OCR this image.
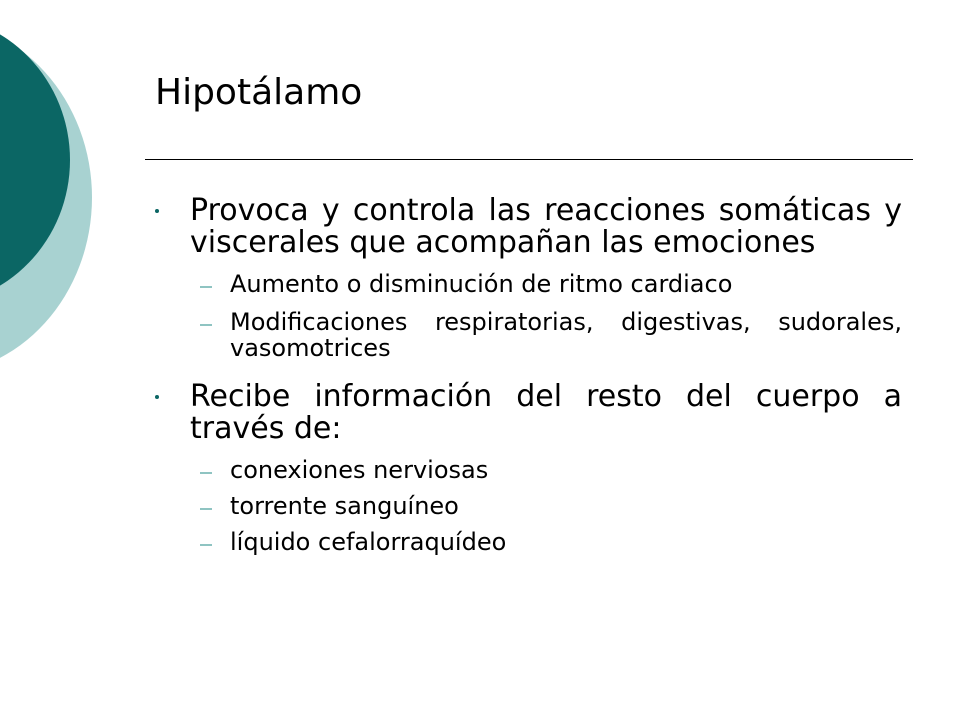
Hipotálamo
Provoca y controla las reacciones somáticas y viscerales que acompañan las emociones
Aumento o disminución de ritmo cardiaco
Modificaciones respiratorias, digestivas, sudorales, vasomotrices
Recibe información del resto del cuerpo a través de:
conexiones nerviosas
torrente sanguíneo
líquido cefalorraquídeo
